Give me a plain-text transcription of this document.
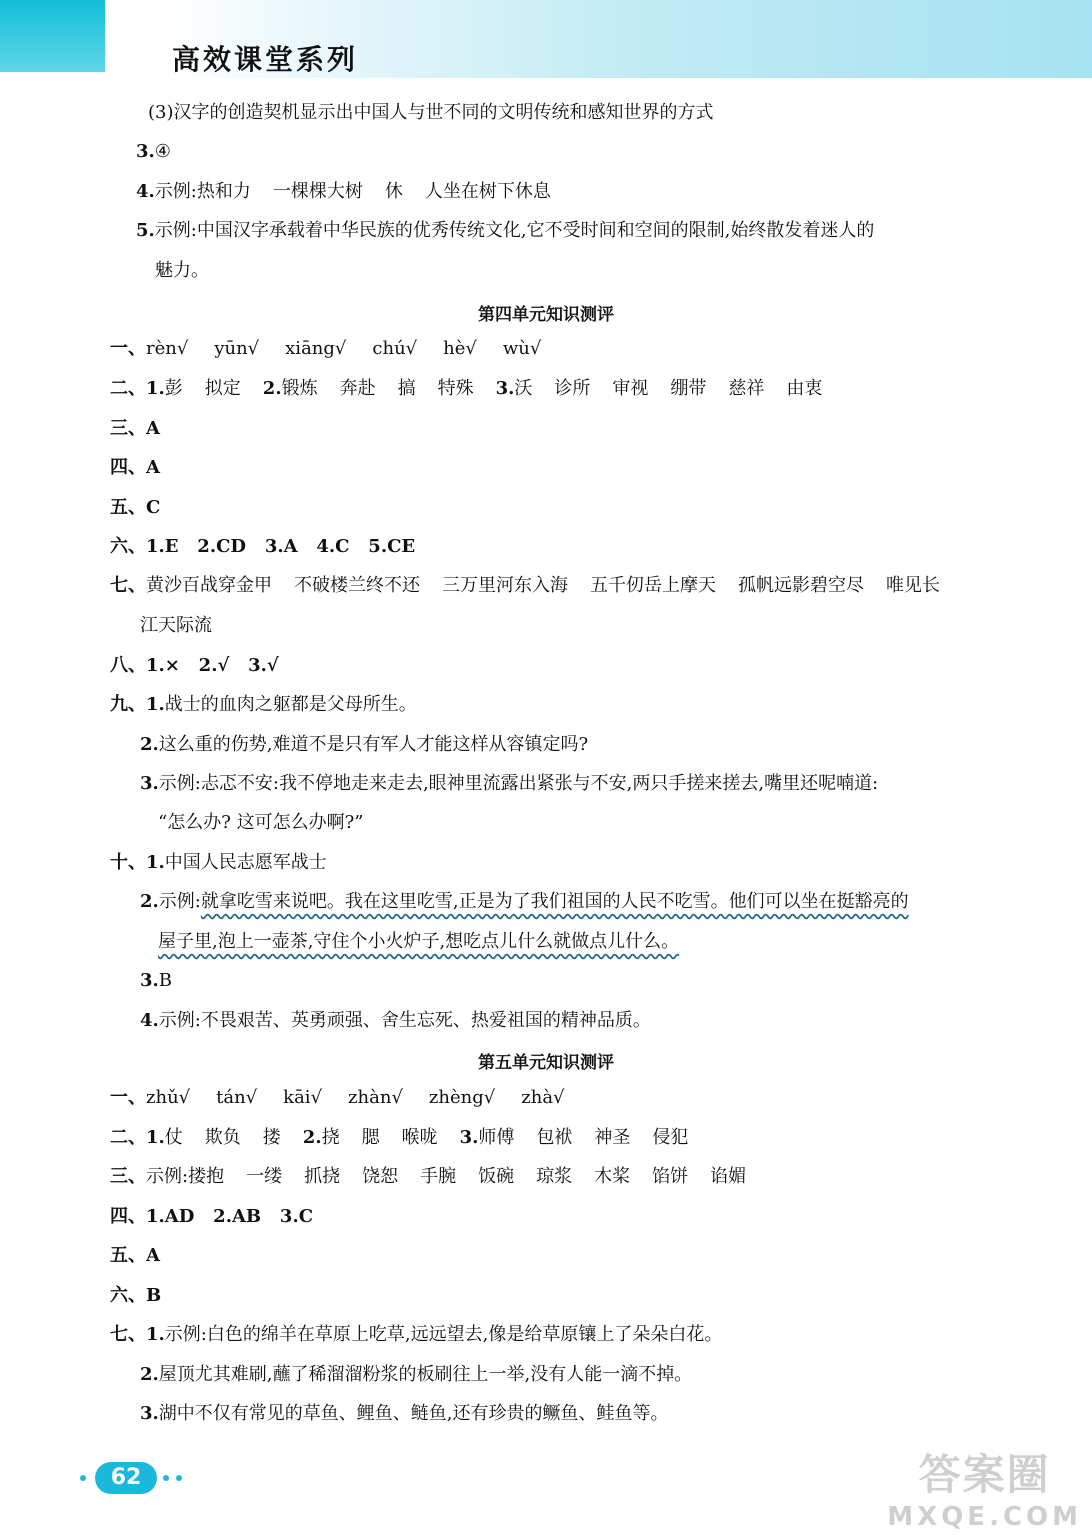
高效课堂系列
(3)汉字的创造契机显示出中国人与世不同的文明传统和感知世界的方式
3.④
4.示例:热和力 一棵棵大树 休 人坐在树下休息
5.示例:中国汉字承载着中华民族的优秀传统文化,它不受时间和空间的限制,始终散发着迷人的
魅力。
第四单元知识测评
一、rèn√ yūn√ xiāng√ chú√ hè√ wù√
二、1.彭 拟定 2.锻炼 奔赴 搞 特殊 3.沃 诊所 审视 绷带 慈祥 由衷
三、A
四、A
五、C
六、1.E   2.CD   3.A   4.C   5.CE
七、黄沙百战穿金甲 不破楼兰终不还 三万里河东入海 五千仞岳上摩天 孤帆远影碧空尽 唯见长
江天际流
八、1.×   2.√   3.√
九、1.战士的血肉之躯都是父母所生。
2.这么重的伤势,难道不是只有军人才能这样从容镇定吗?
3.示例:忐忑不安:我不停地走来走去,眼神里流露出紧张与不安,两只手搓来搓去,嘴里还呢喃道:
“怎么办? 这可怎么办啊?”
十、1.中国人民志愿军战士
2.示例:就拿吃雪来说吧。我在这里吃雪,正是为了我们祖国的人民不吃雪。他们可以坐在挺豁亮的
屋子里,泡上一壶茶,守住个小火炉子,想吃点儿什么就做点儿什么。
3.B
4.示例:不畏艰苦、英勇顽强、舍生忘死、热爱祖国的精神品质。
第五单元知识测评
一、zhǔ√ tán√ kāi√ zhàn√ zhèng√ zhà√
二、1.仗 欺负 搂 2.挠 腮 喉咙 3.师傅 包袱 神圣 侵犯
三、示例:搂抱 一缕 抓挠 饶恕 手腕 饭碗 琼浆 木桨 馅饼 谄媚
四、1.AD   2.AB   3.C
五、A
六、B
七、1.示例:白色的绵羊在草原上吃草,远远望去,像是给草原镶上了朵朵白花。
2.屋顶尤其难刷,蘸了稀溜溜粉浆的板刷往上一举,没有人能一滴不掉。
3.湖中不仅有常见的草鱼、鲤鱼、鲢鱼,还有珍贵的鳜鱼、鲑鱼等。
62	答案圈
MXQE.COM
